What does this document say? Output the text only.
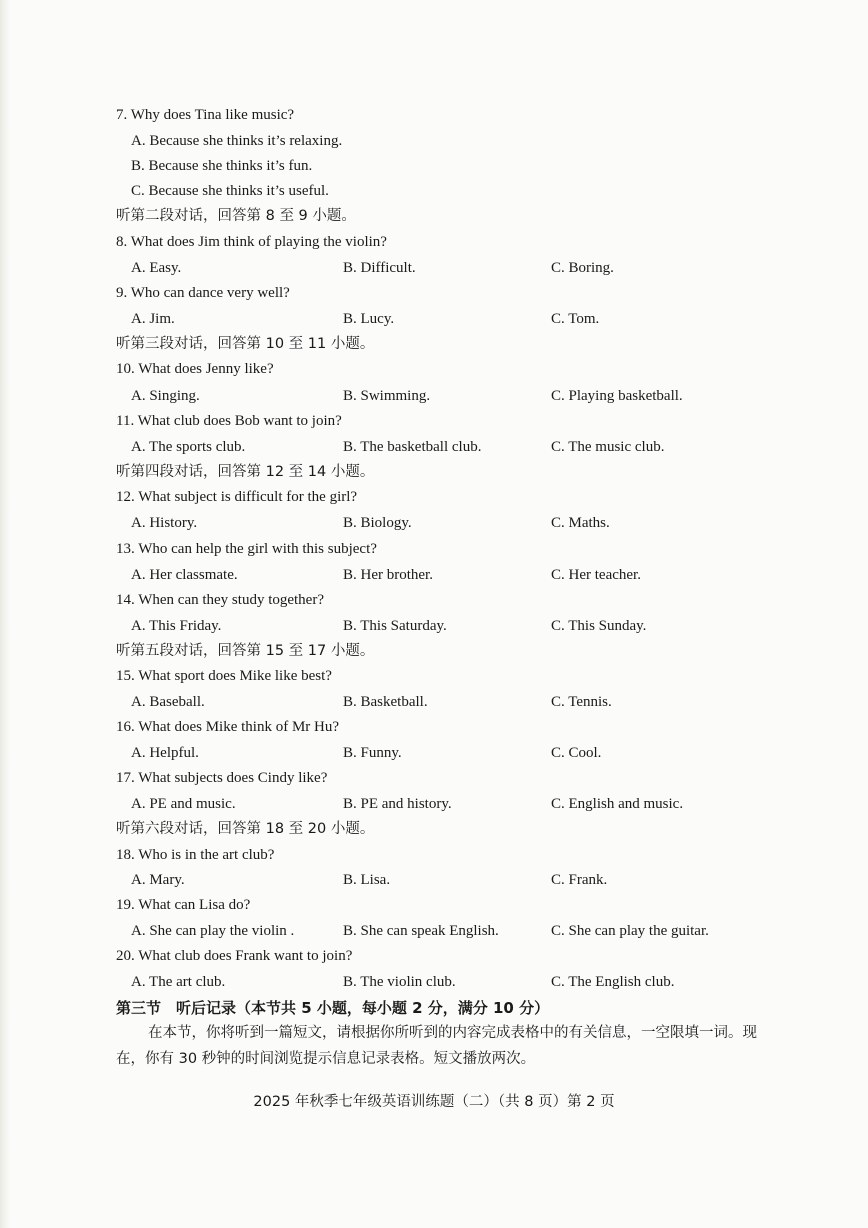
7. Why does Tina like music?
A. Because she thinks it’s relaxing.
B. Because she thinks it’s fun.
C. Because she thinks it’s useful.
听第二段对话，回答第 8 至 9 小题。
8. What does Jim think of playing the violin?
A. Easy.	B. Difficult.	C. Boring.
9. Who can dance very well?
A. Jim.	B. Lucy.	C. Tom.
听第三段对话，回答第 10 至 11 小题。
10. What does Jenny like?
A. Singing.	B. Swimming.	C. Playing basketball.
11. What club does Bob want to join?
A. The sports club.	B. The basketball club.	C. The music club.
听第四段对话，回答第 12 至 14 小题。
12. What subject is difficult for the girl?
A. History.	B. Biology.	C. Maths.
13. Who can help the girl with this subject?
A. Her classmate.	B. Her brother.	C. Her teacher.
14. When can they study together?
A. This Friday.	B. This Saturday.	C. This Sunday.
听第五段对话，回答第 15 至 17 小题。
15. What sport does Mike like best?
A. Baseball.	B. Basketball.	C. Tennis.
16. What does Mike think of Mr Hu?
A. Helpful.	B. Funny.	C. Cool.
17. What subjects does Cindy like?
A. PE and music.	B. PE and history.	C. English and music.
听第六段对话，回答第 18 至 20 小题。
18. Who is in the art club?
A. Mary.	B. Lisa.	C. Frank.
19. What can Lisa do?
A. She can play the violin .	B. She can speak English.	C. She can play the guitar.
20. What club does Frank want to join?
A. The art club.	B. The violin club.	C. The English club.
第三节　听后记录（本节共 5 小题，每小题 2 分，满分 10 分）
在本节，你将听到一篇短文，请根据你所听到的内容完成表格中的有关信息，一空限填一词。现在，你有 30 秒钟的时间浏览提示信息记录表格。短文播放两次。
2025 年秋季七年级英语训练题（二）（共 8 页）第 2 页
